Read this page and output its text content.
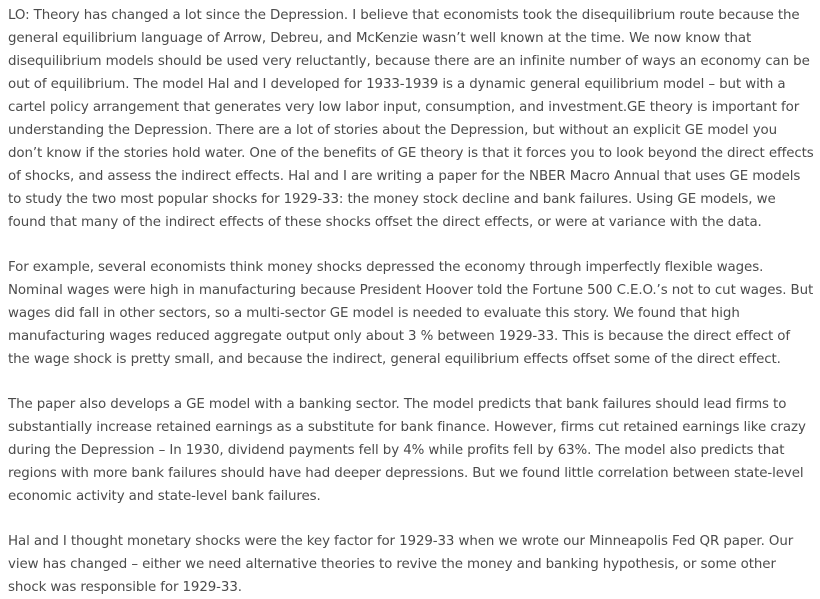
LO: Theory has changed a lot since the Depression. I believe that economists took the disequilibrium route because the general equilibrium language of Arrow, Debreu, and McKenzie wasn’t well known at the time. We now know that disequilibrium models should be used very reluctantly, because there are an infinite number of ways an economy can be out of equilibrium. The model Hal and I developed for 1933-1939 is a dynamic general equilibrium model – but with a cartel policy arrangement that generates very low labor input, consumption, and investment.GE theory is important for understanding the Depression. There are a lot of stories about the Depression, but without an explicit GE model you don’t know if the stories hold water. One of the benefits of GE theory is that it forces you to look beyond the direct effects of shocks, and assess the indirect effects. Hal and I are writing a paper for the NBER Macro Annual that uses GE models to study the two most popular shocks for 1929-33: the money stock decline and bank failures. Using GE models, we found that many of the indirect effects of these shocks offset the direct effects, or were at variance with the data.

For example, several economists think money shocks depressed the economy through imperfectly flexible wages. Nominal wages were high in manufacturing because President Hoover told the Fortune 500 C.E.O.’s not to cut wages. But wages did fall in other sectors, so a multi-sector GE model is needed to evaluate this story. We found that high manufacturing wages reduced aggregate output only about 3 % between 1929-33. This is because the direct effect of the wage shock is pretty small, and because the indirect, general equilibrium effects offset some of the direct effect.

The paper also develops a GE model with a banking sector. The model predicts that bank failures should lead firms to substantially increase retained earnings as a substitute for bank finance. However, firms cut retained earnings like crazy during the Depression – In 1930, dividend payments fell by 4% while profits fell by 63%. The model also predicts that regions with more bank failures should have had deeper depressions. But we found little correlation between state-level economic activity and state-level bank failures.

Hal and I thought monetary shocks were the key factor for 1929-33 when we wrote our Minneapolis Fed QR paper. Our view has changed – either we need alternative theories to revive the money and banking hypothesis, or some other shock was responsible for 1929-33.
